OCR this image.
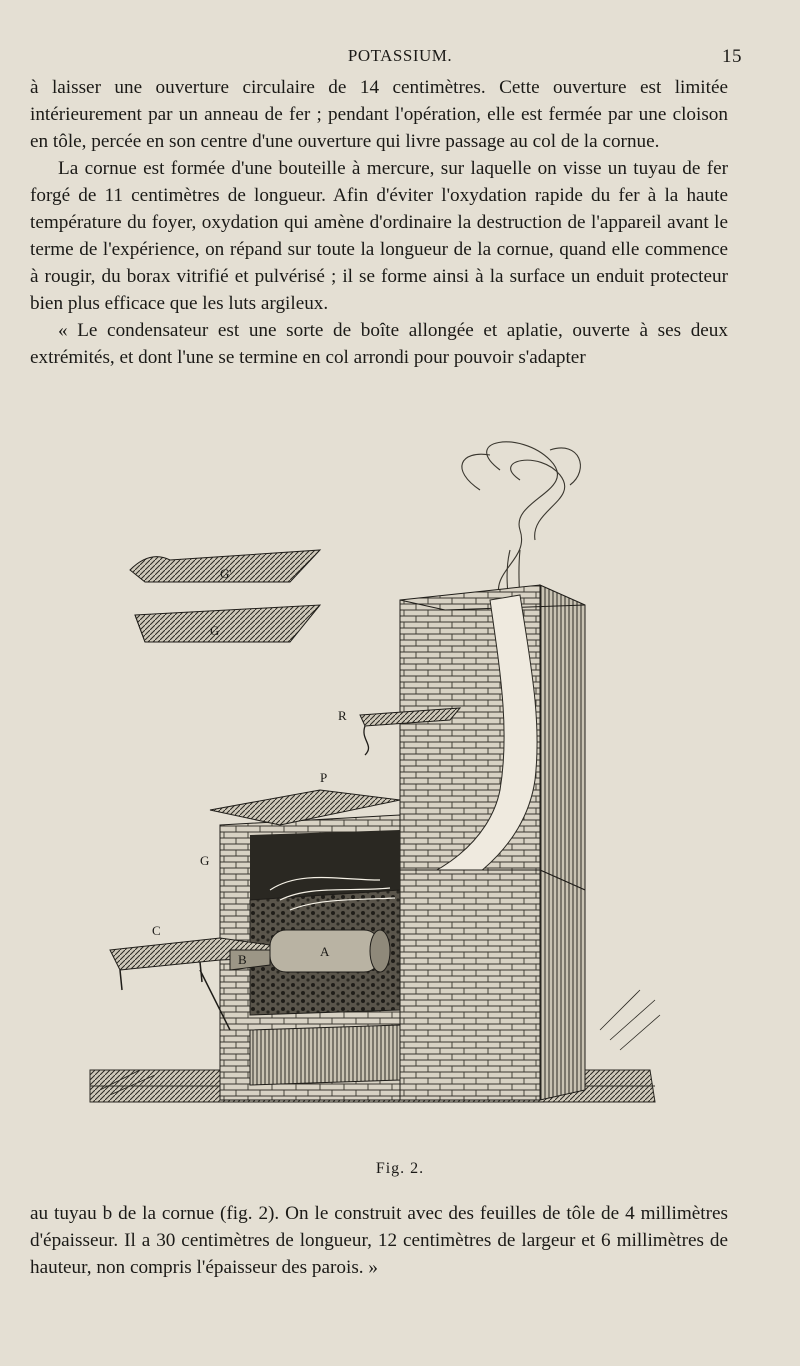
POTASSIUM.	15

à laisser une ouverture circulaire de 14 centimètres. Cette ouverture est limitée intérieurement par un anneau de fer ; pendant l'opération, elle est fermée par une cloison en tôle, percée en son centre d'une ouverture qui livre passage au col de la cornue.

La cornue est formée d'une bouteille à mercure, sur laquelle on visse un tuyau de fer forgé de 11 centimètres de longueur. Afin d'éviter l'oxydation rapide du fer à la haute température du foyer, oxydation qui amène d'ordinaire la destruction de l'appareil avant le terme de l'expérience, on répand sur toute la longueur de la cornue, quand elle commence à rougir, du borax vitrifié et pulvérisé ; il se forme ainsi à la surface un enduit protecteur bien plus efficace que les luts argileux.

« Le condensateur est une sorte de boîte allongée et aplatie, ouverte à ses deux extrémités, et dont l'une se termine en col arrondi pour pouvoir s'adapter

G'
G
P
A
B
C
R
G
Fig. 2.

au tuyau b de la cornue (fig. 2). On le construit avec des feuilles de tôle de 4 millimètres d'épaisseur. Il a 30 centimètres de longueur, 12 centimètres de largeur et 6 millimètres de hauteur, non compris l'épaisseur des parois. »
